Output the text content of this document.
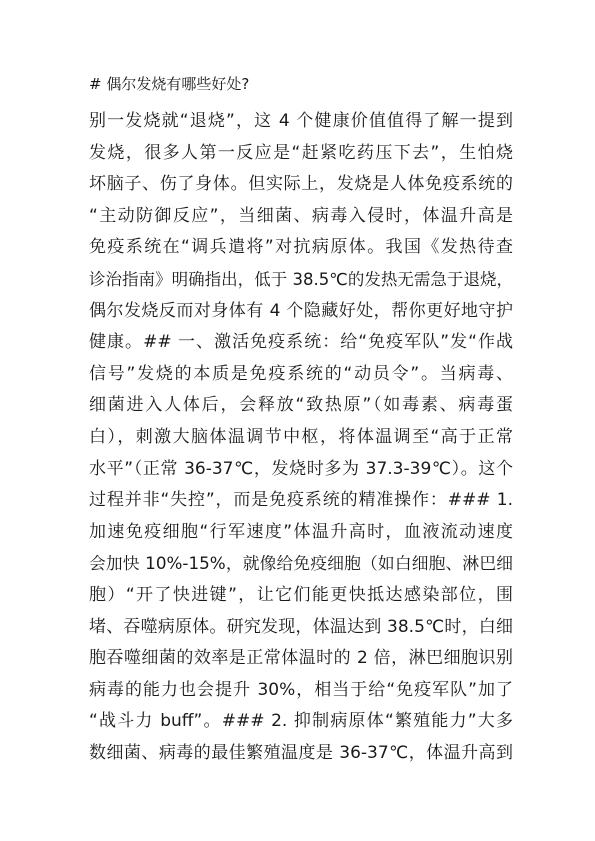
# 偶尔发烧有哪些好处?
别一发烧就“退烧”，这 4 个健康价值值得了解一提到
发烧，很多人第一反应是“赶紧吃药压下去”，生怕烧
坏脑子、伤了身体。但实际上，发烧是人体免疫系统的
“主动防御反应”，当细菌、病毒入侵时，体温升高是
免疫系统在“调兵遣将”对抗病原体。我国《发热待查
诊治指南》明确指出，低于 38.5℃的发热无需急于退烧，
偶尔发烧反而对身体有 4 个隐藏好处，帮你更好地守护
健康。## 一、激活免疫系统：给“免疫军队”发“作战
信号”发烧的本质是免疫系统的“动员令”。当病毒、
细菌进入人体后，会释放“致热原”（如毒素、病毒蛋
白），刺激大脑体温调节中枢，将体温调至“高于正常
水平”（正常 36-37℃，发烧时多为 37.3-39℃）。这个
过程并非“失控”，而是免疫系统的精准操作：### 1.
加速免疫细胞“行军速度”体温升高时，血液流动速度
会加快 10%-15%，就像给免疫细胞（如白细胞、淋巴细
胞）“开了快进键”，让它们能更快抵达感染部位，围
堵、吞噬病原体。研究发现，体温达到 38.5℃时，白细
胞吞噬细菌的效率是正常体温时的 2 倍，淋巴细胞识别
病毒的能力也会提升 30%，相当于给“免疫军队”加了
“战斗力 buff”。### 2. 抑制病原体“繁殖能力”大多
数细菌、病毒的最佳繁殖温度是 36-37℃，体温升高到
